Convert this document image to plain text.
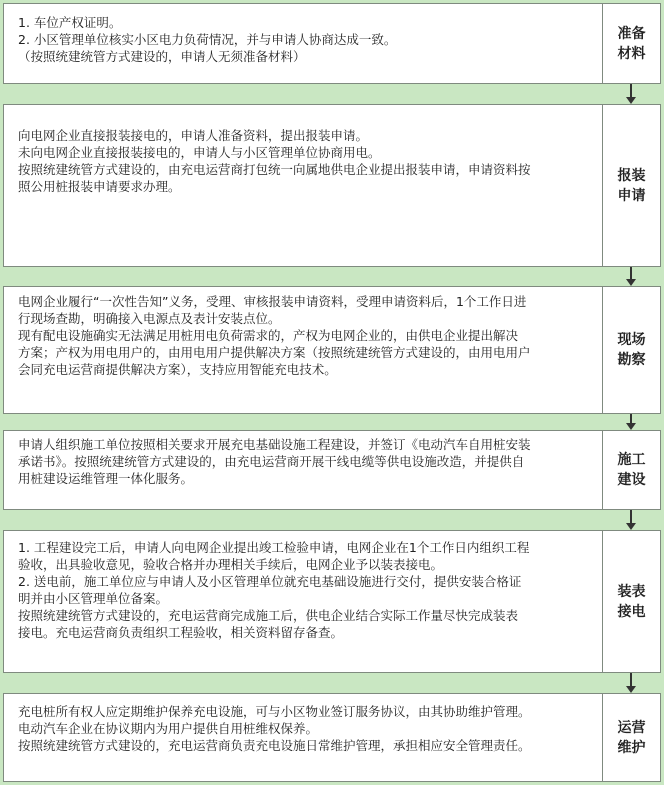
1. 车位产权证明。

2. 小区管理单位核实小区电力负荷情况，并与申请人协商达成一致。

（按照统建统管方式建设的，申请人无须准备材料）

准备
材料

向电网企业直接报装接电的，申请人准备资料，提出报装申请。

未向电网企业直接报装接电的，申请人与小区管理单位协商用电。

按照统建统管方式建设的，由充电运营商打包统一向属地供电企业提出报装申请，申请资料按

照公用桩报装申请要求办理。

报装
申请

电网企业履行“一次性告知”义务，受理、审核报装申请资料，受理申请资料后，1个工作日进

行现场查勘，明确接入电源点及表计安装点位。

现有配电设施确实无法满足用桩用电负荷需求的，产权为电网企业的，由供电企业提出解决

方案；产权为用电用户的，由用电用户提供解决方案（按照统建统管方式建设的，由用电用户

会同充电运营商提供解决方案），支持应用智能充电技术。

现场
勘察

申请人组织施工单位按照相关要求开展充电基础设施工程建设，并签订《电动汽车自用桩安装

承诺书》。按照统建统管方式建设的，由充电运营商开展干线电缆等供电设施改造，并提供自

用桩建设运维管理一体化服务。

施工
建设

1. 工程建设完工后，申请人向电网企业提出竣工检验申请，电网企业在1个工作日内组织工程

验收，出具验收意见，验收合格并办理相关手续后，电网企业予以装表接电。

2. 送电前，施工单位应与申请人及小区管理单位就充电基础设施进行交付，提供安装合格证

明并由小区管理单位备案。

按照统建统管方式建设的，充电运营商完成施工后，供电企业结合实际工作量尽快完成装表

接电。充电运营商负责组织工程验收，相关资料留存备查。

装表
接电

充电桩所有权人应定期维护保养充电设施，可与小区物业签订服务协议，由其协助维护管理。

电动汽车企业在协议期内为用户提供自用桩维权保养。

按照统建统管方式建设的，充电运营商负责充电设施日常维护管理，承担相应安全管理责任。

运营
维护
